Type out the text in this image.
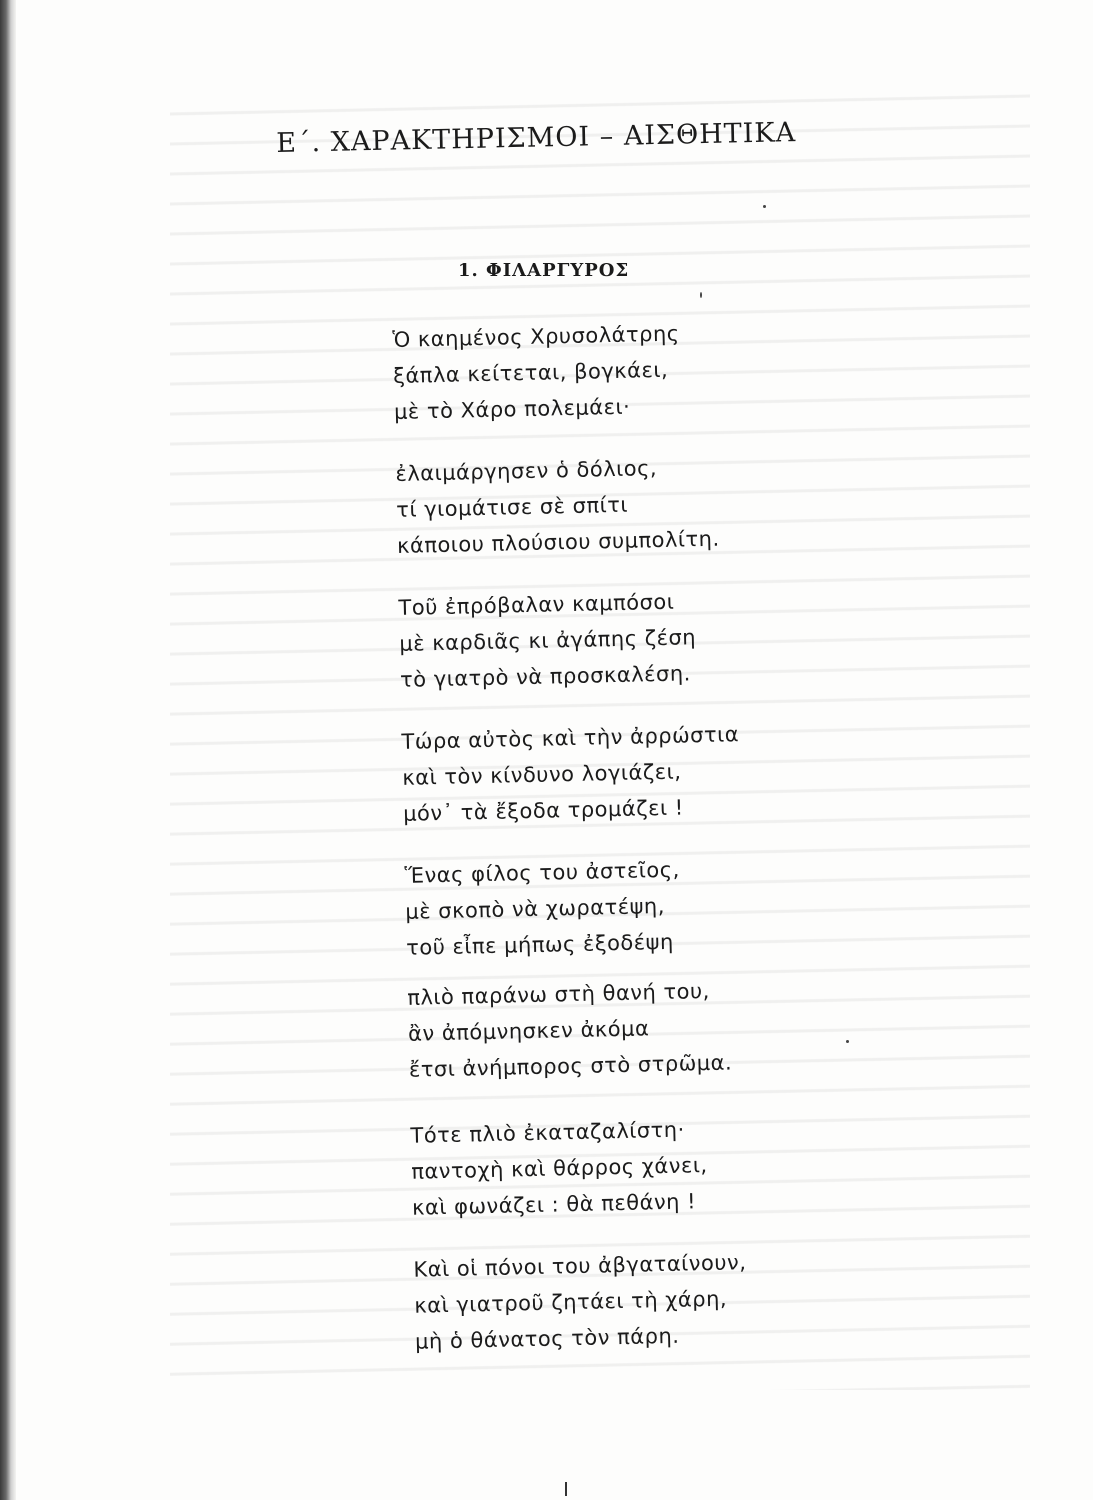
Ε΄. ΧΑΡΑΚΤΗΡΙΣΜΟΙ – ΑΙΣΘΗΤΙΚΑ
1. ΦΙΛΑΡΓΥΡΟΣ
Ὁ καημένος Χρυσολάτρης
ξάπλα κείτεται, βογκάει,
μὲ τὸ Χάρο πολεμάει·
ἐλαιμάργησεν ὁ δόλιος,
τί γιομάτισε σὲ σπίτι
κάποιου πλούσιου συμπολίτη.
Τοῦ ἐπρόβαλαν καμπόσοι
μὲ καρδιᾶς κι ἀγάπης ζέση
τὸ γιατρὸ νὰ προσκαλέση.
Τώρα αὐτὸς καὶ τὴν ἀρρώστια
καὶ τὸν κίνδυνο λογιάζει,
μόν᾽ τὰ ἔξοδα τρομάζει !
Ἕνας φίλος του ἀστεῖος,
μὲ σκοπὸ νὰ χωρατέψη,
τοῦ εἶπε μήπως ἐξοδέψη
πλιὸ παράνω στὴ θανή του,
ἂν ἀπόμνησκεν ἀκόμα
ἔτσι ἀνήμπορος στὸ στρῶμα.
Τότε πλιὸ ἐκαταζαλίστη·
παντοχὴ καὶ θάρρος χάνει,
καὶ φωνάζει : θὰ πεθάνη !
Καὶ οἱ πόνοι του ἀβγαταίνουν,
καὶ γιατροῦ ζητάει τὴ χάρη,
μὴ ὁ θάνατος τὸν πάρη.
